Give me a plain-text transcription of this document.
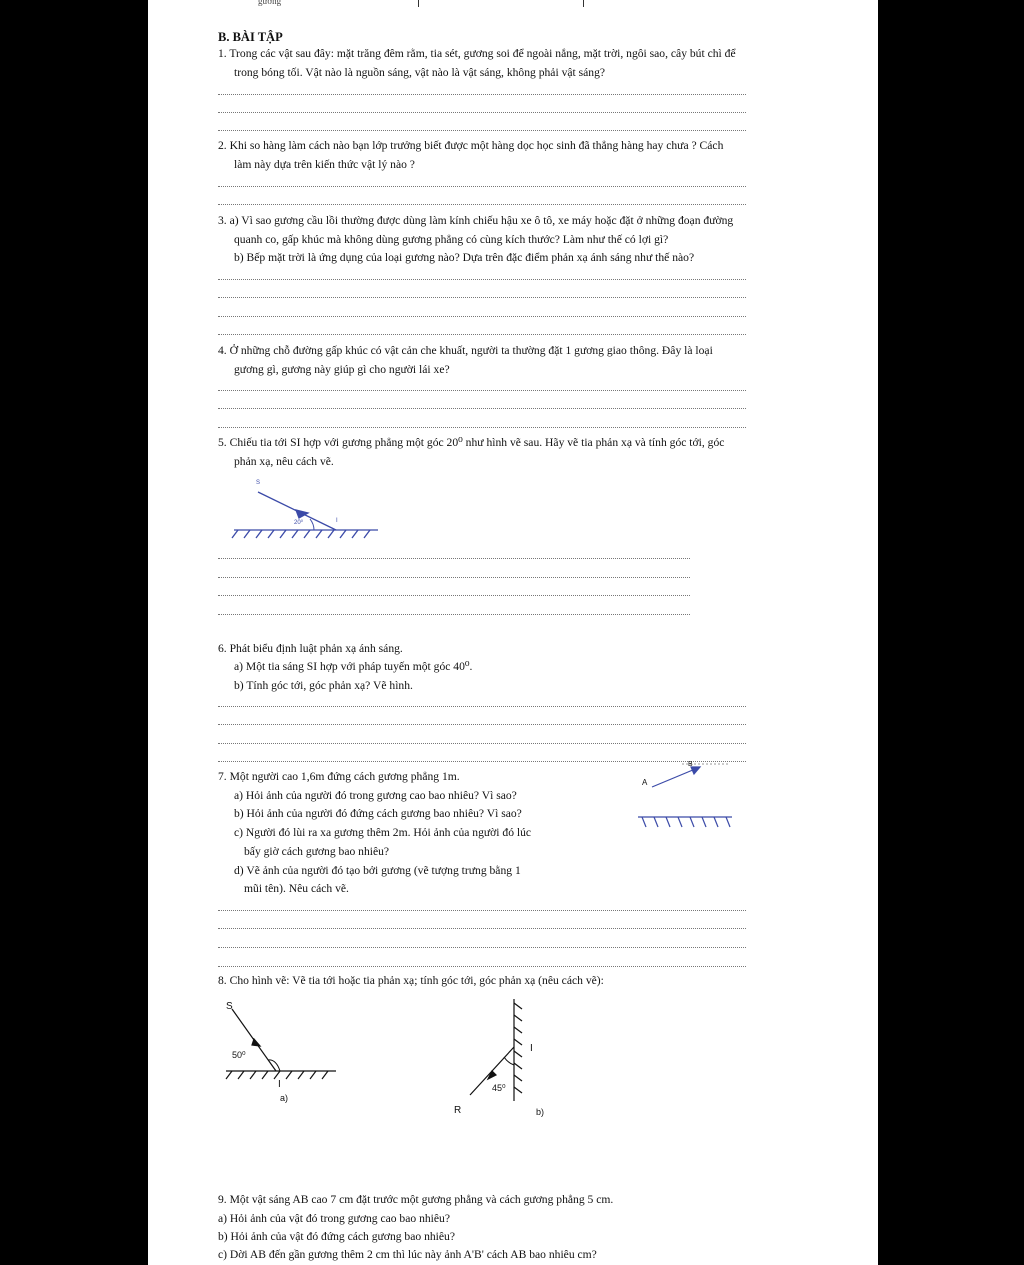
gương
B. BÀI TẬP
1. Trong các vật sau đây: mặt trăng đêm rằm, tia sét, gương soi để ngoài nắng, mặt trời, ngôi sao, cây bút chì để
trong bóng tối. Vật nào là nguồn sáng, vật nào là vật sáng, không phải vật sáng?
2. Khi so hàng làm cách nào bạn lớp trưởng biết được một hàng dọc học sinh đã thẳng hàng hay chưa ? Cách
làm này dựa trên kiến thức vật lý nào ?
3. a) Vì sao gương cầu lồi thường được dùng làm kính chiếu hậu xe ô tô, xe máy hoặc đặt ở những đoạn đường
quanh co, gấp khúc mà không dùng gương phẳng có cùng kích thước? Làm như thế có lợi gì?
b) Bếp mặt trời là ứng dụng của loại gương nào? Dựa trên đặc điểm phản xạ ánh sáng như thế nào?
4. Ở những chỗ đường gấp khúc có vật cản che khuất, người ta thường đặt 1 gương giao thông. Đây là loại
gương gì, gương này giúp gì cho người lái xe?
5. Chiếu tia tới SI hợp với gương phẳng một góc 20⁰ như hình vẽ sau. Hãy vẽ tia phản xạ và tính góc tới, góc
phản xạ, nêu cách vẽ.
S
I
20⁰
6. Phát biểu định luật phản xạ ánh sáng.
a) Một tia sáng SI hợp với pháp tuyến một góc 40⁰.
b) Tính góc tới, góc phản xạ? Vẽ hình.
7. Một người cao 1,6m đứng cách gương phẳng 1m.
a) Hỏi ảnh của người đó trong gương cao bao nhiêu? Vì sao?
b) Hỏi ảnh của người đó đứng cách gương bao nhiêu? Vì sao?
c) Người đó lùi ra xa gương thêm 2m. Hỏi ảnh của người đó lúc
bấy giờ cách gương bao nhiêu?
d) Vẽ ảnh của người đó tạo bởi gương (vẽ tượng trưng bằng 1
mũi tên). Nêu cách vẽ.
A
B
8. Cho hình vẽ: Vẽ tia tới hoặc tia phản xạ; tính góc tới, góc phản xạ (nêu cách vẽ):
S
50⁰
I
a)
I
45⁰
R	b)
9. Một vật sáng AB cao 7 cm đặt trước một gương phẳng và cách gương phẳng 5 cm.
a) Hỏi ảnh của vật đó trong gương cao bao nhiêu?
b) Hỏi ảnh của vật đó đứng cách gương bao nhiêu?
c) Dời AB đến gần gương thêm 2 cm thì lúc này ảnh A'B' cách AB bao nhiêu cm?
